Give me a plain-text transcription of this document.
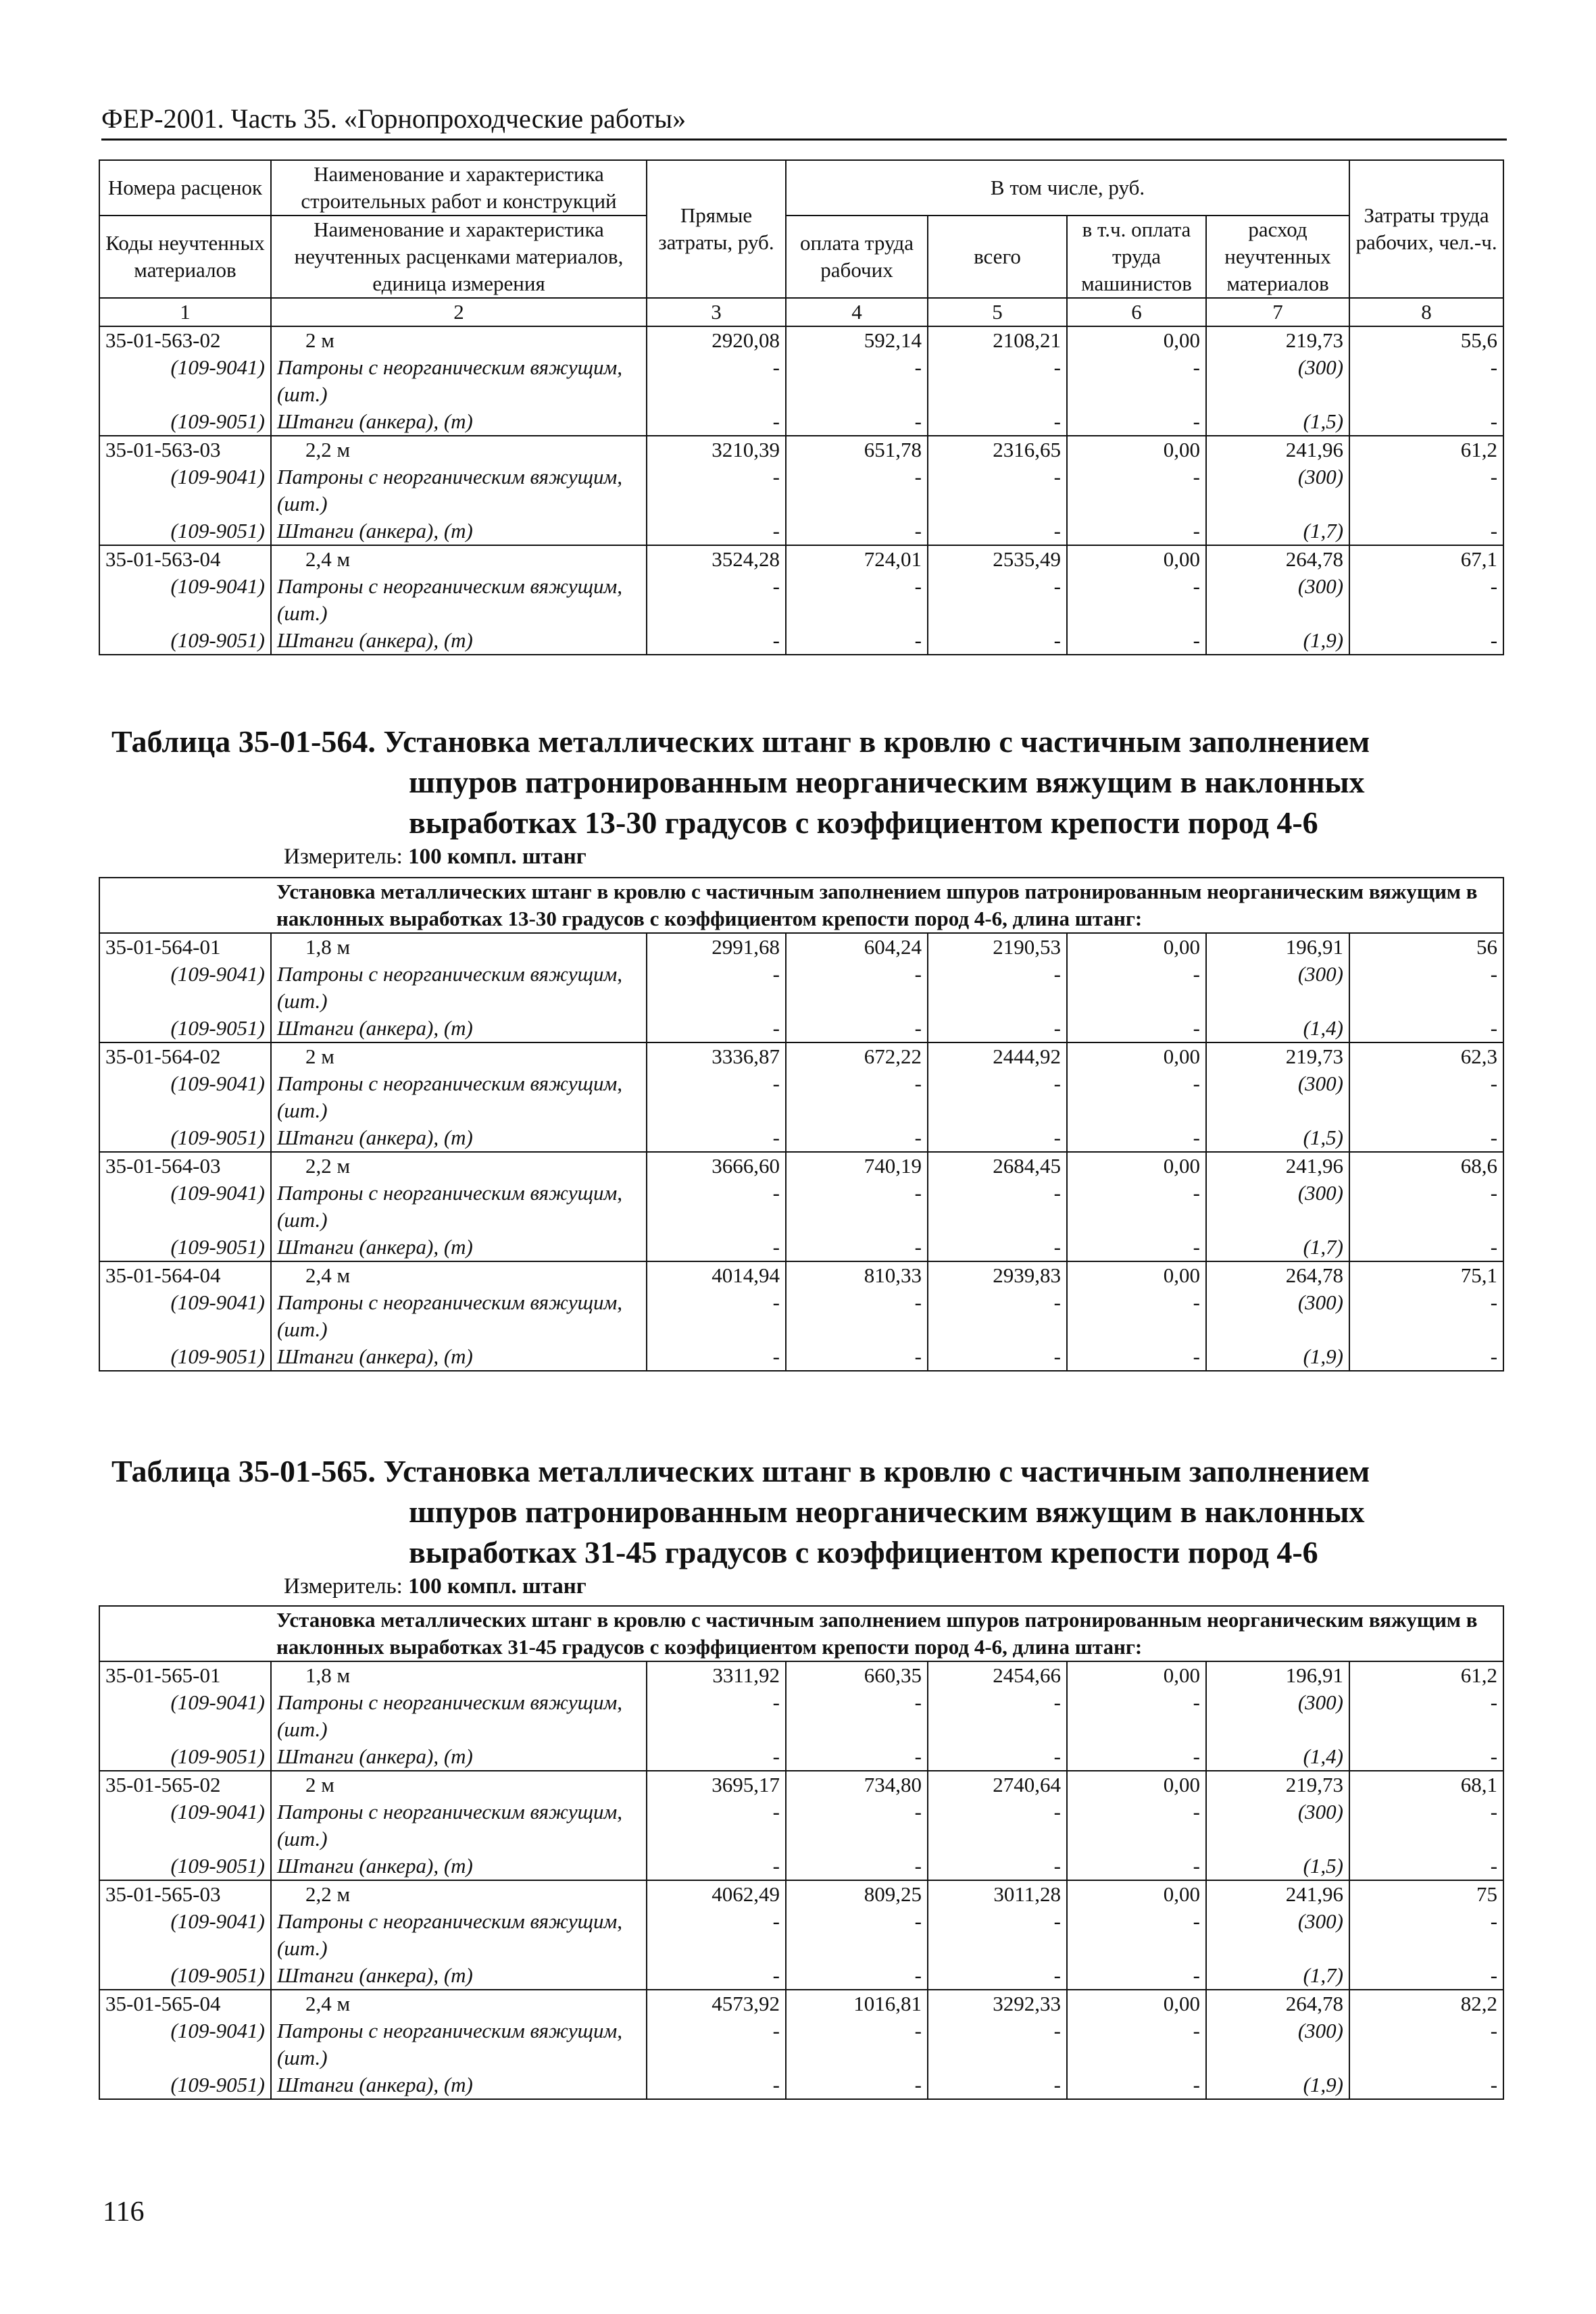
ФЕР-2001. Часть 35. «Горнопроходческие работы»
Номера расценок	Наименование и характеристика строительных работ и конструкций	Прямые затраты, руб.	В том числе, руб.				Затраты труда рабочих, чел.-ч.
Коды неучтенных материалов	Наименование и характеристика неучтенных расценками материалов, единица измерения		оплата труда рабочих	всего	в т.ч. оплата труда машинистов	расход неучтенных материалов	
1	2	3	4	5	6	7	8
35-01-563-02	2 м	2920,08	592,14	2108,21	0,00	219,73	55,6
(109-9041)	Патроны с неорганическим вяжущим, (шт.)	-	-	-	-	(300)	-
(109-9051)	Штанги (анкера), (т)	-	-	-	-	(1,5)	-
35-01-563-03	2,2 м	3210,39	651,78	2316,65	0,00	241,96	61,2
(109-9041)	Патроны с неорганическим вяжущим, (шт.)	-	-	-	-	(300)	-
(109-9051)	Штанги (анкера), (т)	-	-	-	-	(1,7)	-
35-01-563-04	2,4 м	3524,28	724,01	2535,49	0,00	264,78	67,1
(109-9041)	Патроны с неорганическим вяжущим, (шт.)	-	-	-	-	(300)	-
(109-9051)	Штанги (анкера), (т)	-	-	-	-	(1,9)	-
Таблица 35-01-564. Установка металлических штанг в кровлю с частичным заполнением
шпуров патронированным неорганическим вяжущим в наклонных
выработках 13-30 градусов с коэффициентом крепости пород 4-6
Измеритель: 100 компл. штанг
	Установка металлических штанг в кровлю с частичным заполнением шпуров патронированным неорганическим вяжущим в наклонных выработках 13-30 градусов с коэффициентом крепости пород 4-6, длина штанг:						
35-01-564-01	1,8 м	2991,68	604,24	2190,53	0,00	196,91	56
(109-9041)	Патроны с неорганическим вяжущим, (шт.)	-	-	-	-	(300)	-
(109-9051)	Штанги (анкера), (т)	-	-	-	-	(1,4)	-
35-01-564-02	2 м	3336,87	672,22	2444,92	0,00	219,73	62,3
(109-9041)	Патроны с неорганическим вяжущим, (шт.)	-	-	-	-	(300)	-
(109-9051)	Штанги (анкера), (т)	-	-	-	-	(1,5)	-
35-01-564-03	2,2 м	3666,60	740,19	2684,45	0,00	241,96	68,6
(109-9041)	Патроны с неорганическим вяжущим, (шт.)	-	-	-	-	(300)	-
(109-9051)	Штанги (анкера), (т)	-	-	-	-	(1,7)	-
35-01-564-04	2,4 м	4014,94	810,33	2939,83	0,00	264,78	75,1
(109-9041)	Патроны с неорганическим вяжущим, (шт.)	-	-	-	-	(300)	-
(109-9051)	Штанги (анкера), (т)	-	-	-	-	(1,9)	-
Таблица 35-01-565. Установка металлических штанг в кровлю с частичным заполнением
шпуров патронированным неорганическим вяжущим в наклонных
выработках 31-45 градусов с коэффициентом крепости пород 4-6
Измеритель: 100 компл. штанг
	Установка металлических штанг в кровлю с частичным заполнением шпуров патронированным неорганическим вяжущим в наклонных выработках 31-45 градусов с коэффициентом крепости пород 4-6, длина штанг:						
35-01-565-01	1,8 м	3311,92	660,35	2454,66	0,00	196,91	61,2
(109-9041)	Патроны с неорганическим вяжущим, (шт.)	-	-	-	-	(300)	-
(109-9051)	Штанги (анкера), (т)	-	-	-	-	(1,4)	-
35-01-565-02	2 м	3695,17	734,80	2740,64	0,00	219,73	68,1
(109-9041)	Патроны с неорганическим вяжущим, (шт.)	-	-	-	-	(300)	-
(109-9051)	Штанги (анкера), (т)	-	-	-	-	(1,5)	-
35-01-565-03	2,2 м	4062,49	809,25	3011,28	0,00	241,96	75
(109-9041)	Патроны с неорганическим вяжущим, (шт.)	-	-	-	-	(300)	-
(109-9051)	Штанги (анкера), (т)	-	-	-	-	(1,7)	-
35-01-565-04	2,4 м	4573,92	1016,81	3292,33	0,00	264,78	82,2
(109-9041)	Патроны с неорганическим вяжущим, (шт.)	-	-	-	-	(300)	-
(109-9051)	Штанги (анкера), (т)	-	-	-	-	(1,9)	-
116
